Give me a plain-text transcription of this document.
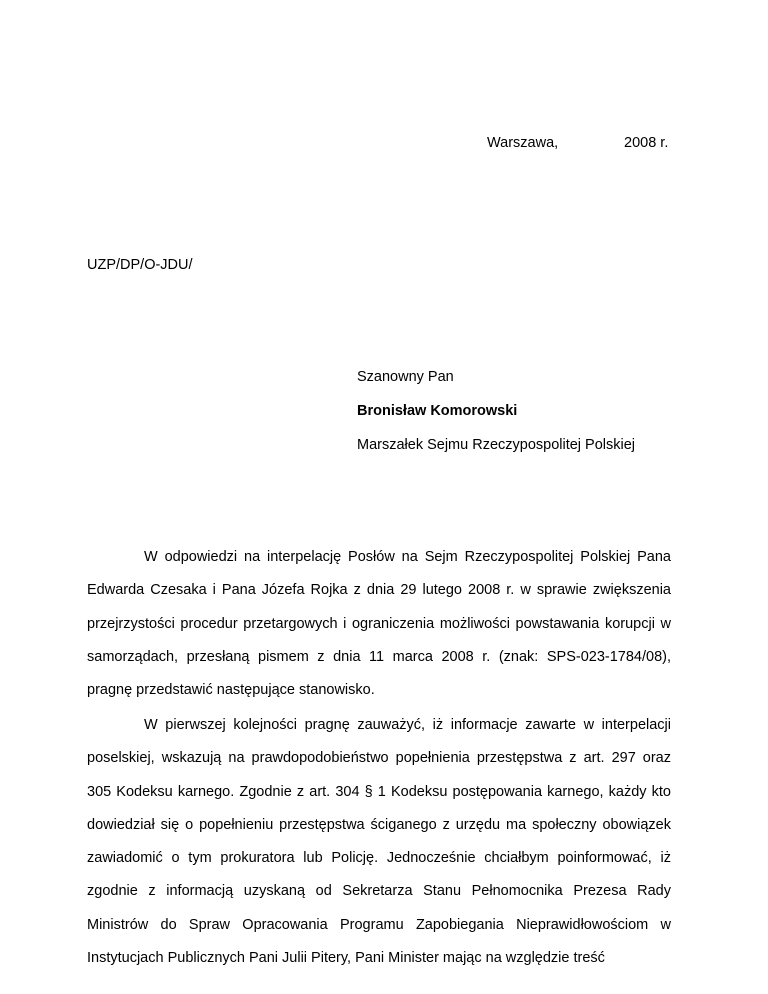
Warszawa,	2008 r.
UZP/DP/O-JDU/
Szanowny Pan
Bronisław Komorowski
Marszałek Sejmu Rzeczypospolitej Polskiej

W odpowiedzi na interpelację Posłów na Sejm Rzeczypospolitej Polskiej Pana Edwarda Czesaka i Pana Józefa Rojka z dnia 29 lutego 2008 r. w sprawie zwiększenia przejrzystości procedur przetargowych i ograniczenia możliwości powstawania korupcji w samorządach, przesłaną pismem z dnia 11 marca 2008 r. (znak: SPS-023-1784/08), pragnę przedstawić następujące stanowisko.

W pierwszej kolejności pragnę zauważyć, iż informacje zawarte w interpelacji poselskiej, wskazują na prawdopodobieństwo popełnienia przestępstwa z art. 297 oraz 305 Kodeksu karnego. Zgodnie z art. 304 § 1 Kodeksu postępowania karnego, każdy kto dowiedział się o popełnieniu przestępstwa ściganego z urzędu ma społeczny obowiązek zawiadomić o tym prokuratora lub Policję. Jednocześnie chciałbym poinformować, iż zgodnie z informacją uzyskaną od Sekretarza Stanu Pełnomocnika Prezesa Rady Ministrów do Spraw Opracowania Programu Zapobiegania Nieprawidłowościom w Instytucjach Publicznych Pani Julii Pitery, Pani Minister mając na względzie treść
